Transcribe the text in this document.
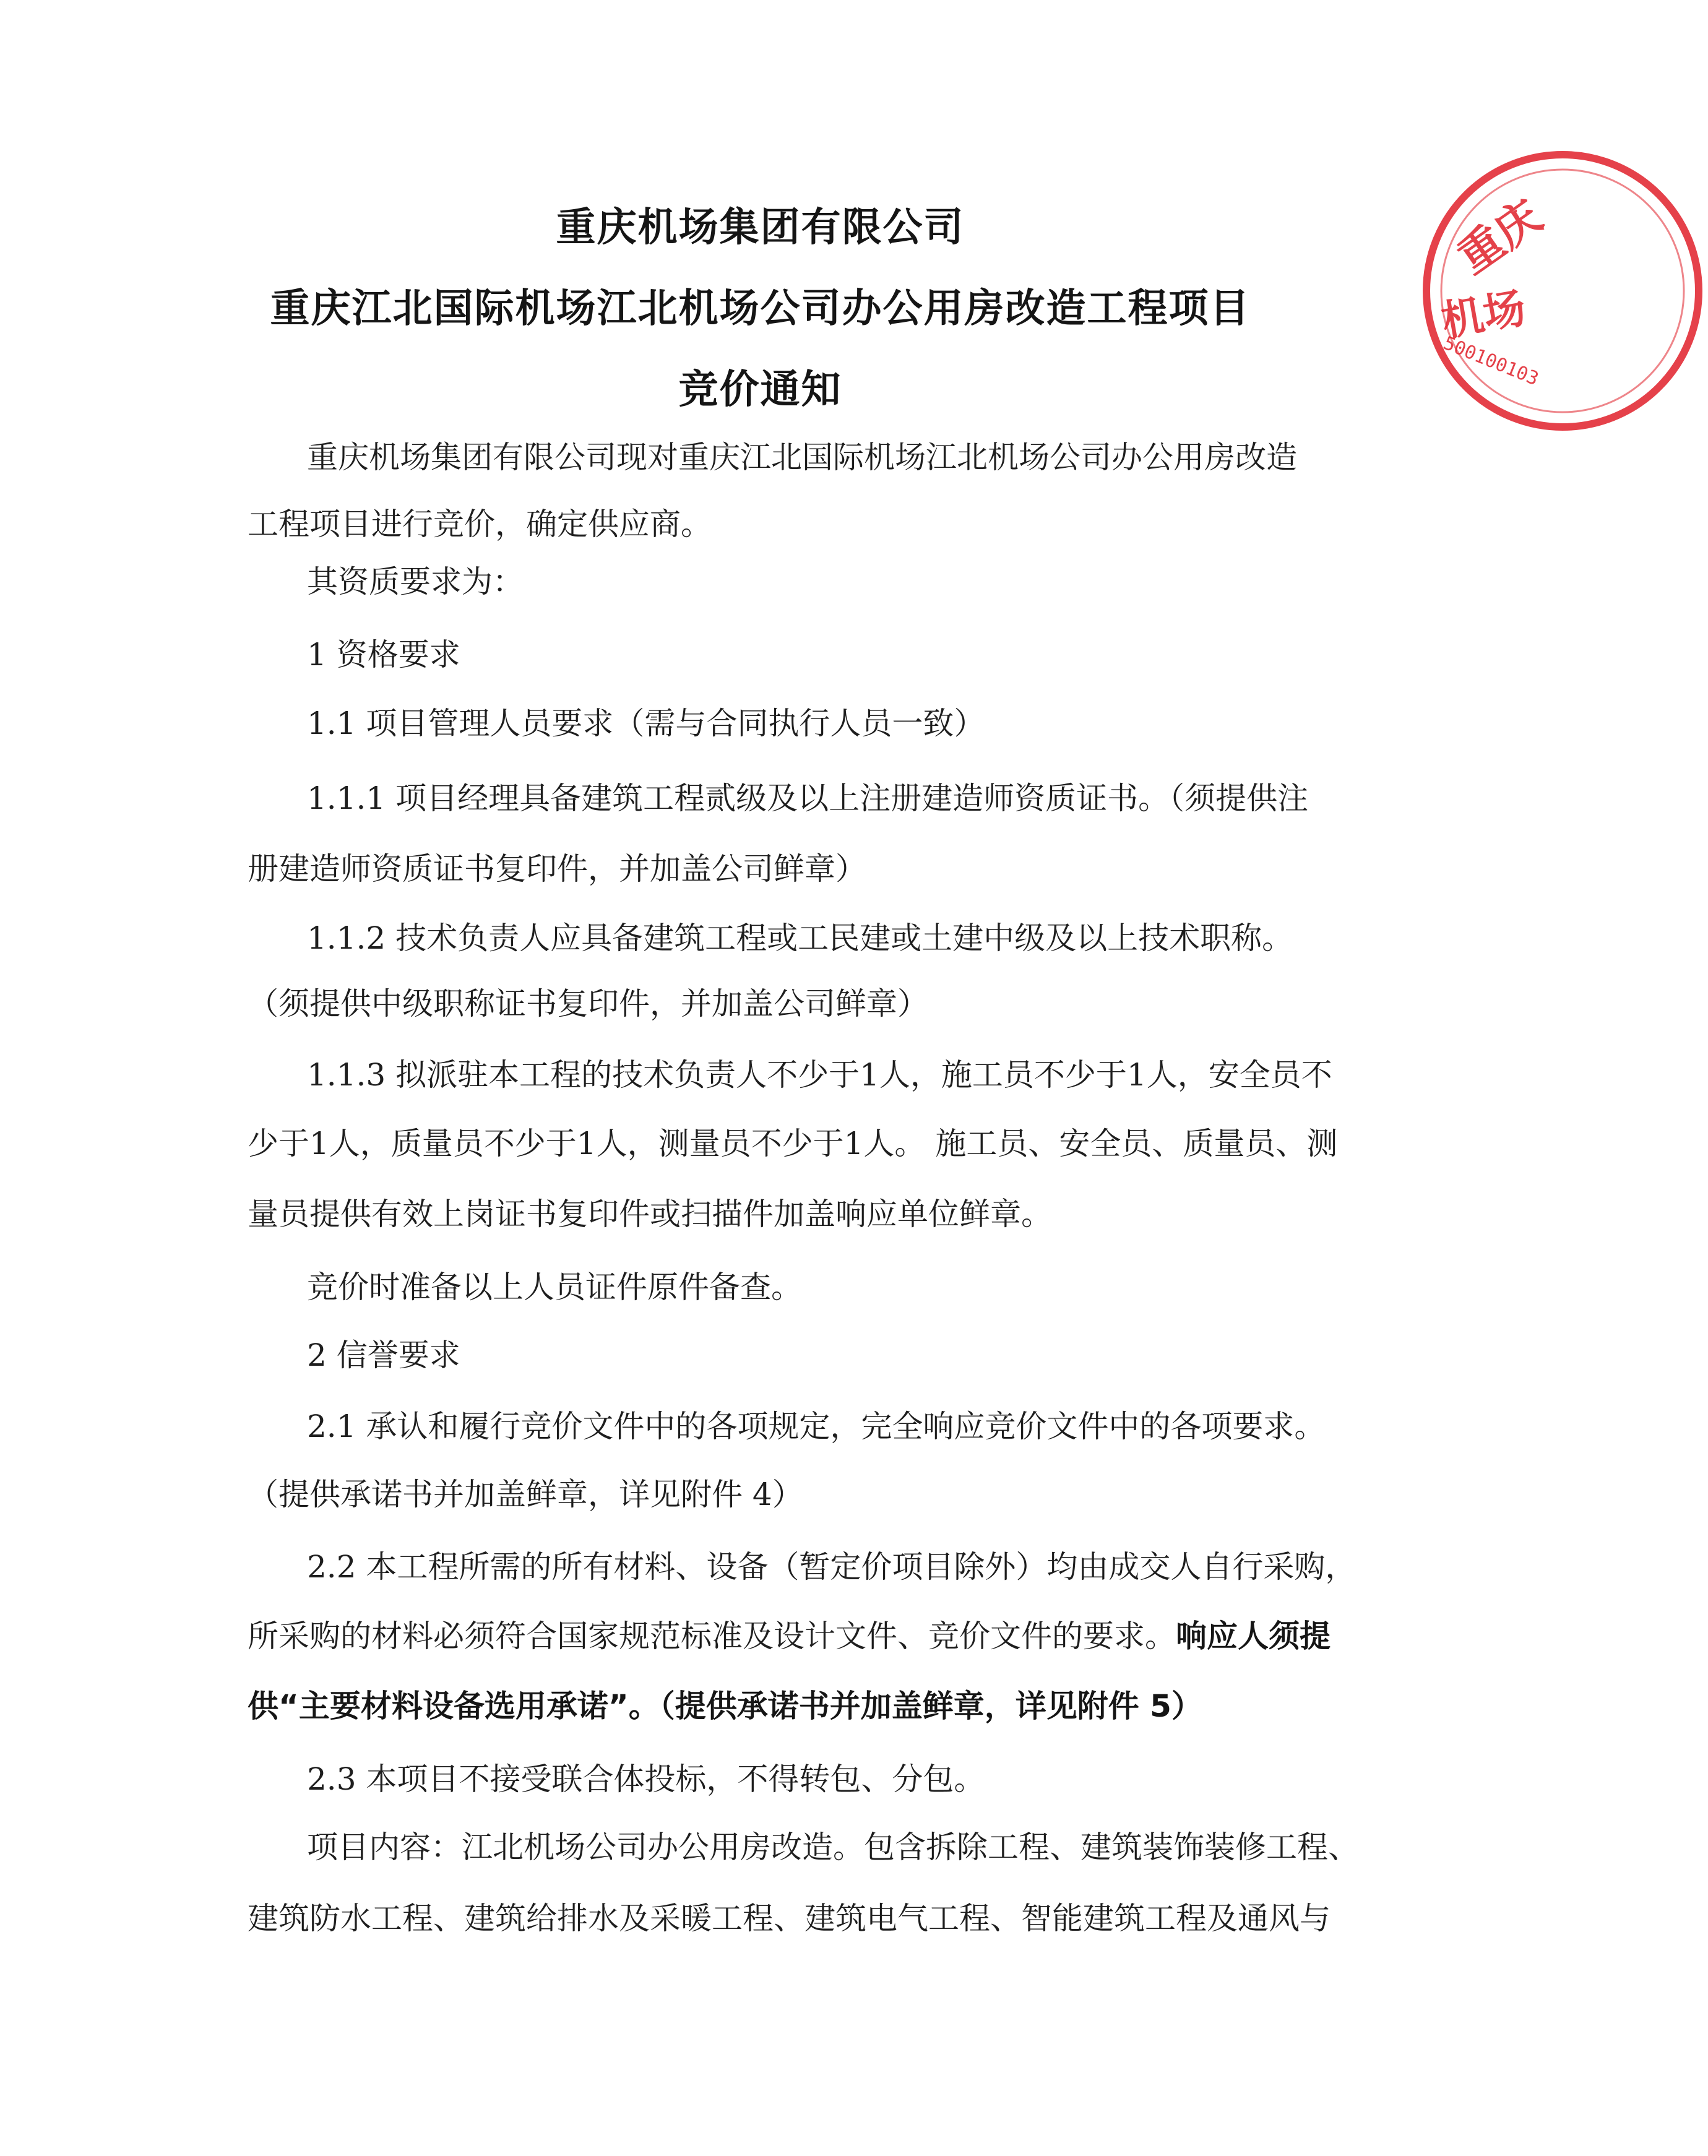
重庆机场集团有限公司
重庆江北国际机场江北机场公司办公用房改造工程项目
竞价通知
重庆机场集团有限公司现对重庆江北国际机场江北机场公司办公用房改造
工程项目进行竞价，确定供应商。
其资质要求为：
1 资格要求
1.1 项目管理人员要求（需与合同执行人员一致）
1.1.1 项目经理具备建筑工程贰级及以上注册建造师资质证书。（须提供注
册建造师资质证书复印件，并加盖公司鲜章）
1.1.2 技术负责人应具备建筑工程或工民建或土建中级及以上技术职称。
（须提供中级职称证书复印件，并加盖公司鲜章）
1.1.3 拟派驻本工程的技术负责人不少于1人，施工员不少于1人，安全员不
少于1人，质量员不少于1人，测量员不少于1人。 施工员、安全员、质量员、测
量员提供有效上岗证书复印件或扫描件加盖响应单位鲜章。
竞价时准备以上人员证件原件备查。
2 信誉要求
2.1 承认和履行竞价文件中的各项规定，完全响应竞价文件中的各项要求。
（提供承诺书并加盖鲜章，详见附件 4）
2.2 本工程所需的所有材料、设备（暂定价项目除外）均由成交人自行采购，
所采购的材料必须符合国家规范标准及设计文件、竞价文件的要求。响应人须提
供“主要材料设备选用承诺”。（提供承诺书并加盖鲜章，详见附件 5）
2.3 本项目不接受联合体投标，不得转包、分包。
项目内容：江北机场公司办公用房改造。包含拆除工程、建筑装饰装修工程、
建筑防水工程、建筑给排水及采暖工程、建筑电气工程、智能建筑工程及通风与
重庆
机场
500100103
